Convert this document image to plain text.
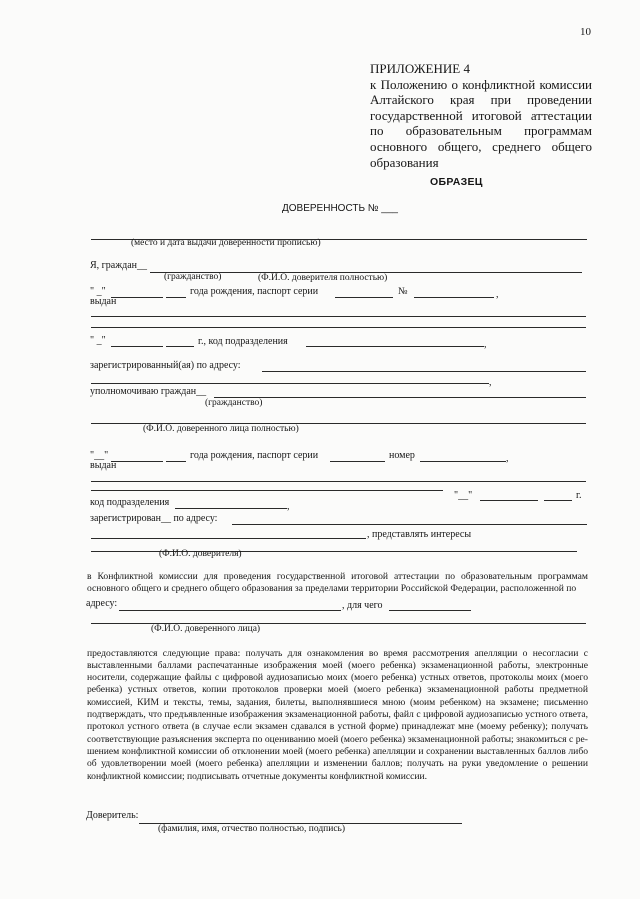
10
ПРИЛОЖЕНИЕ 4
к Положению о конфликтной комиссии Алтайского края при проведении государственной итоговой аттестации по образовательным программам основного общего, среднего общего образования
ОБРАЗЕЦ
ДОВЕРЕННОСТЬ № ___
(место и дата выдачи доверенности прописью)
Я, граждан__
(гражданство)	(Ф.И.О. доверителя полностью)
" _"	года рождения, паспорт серии	№	,
выдан
" _"	г., код подразделения	,
зарегистрированный(ая) по адресу:
,
уполномочиваю граждан__
(гражданство)
(Ф.И.О. доверенного лица полностью)
"__"	года рождения, паспорт серии	номер	,
выдан
"__"	г.
код подразделения	,
зарегистрирован__ по адресу:
, представлять интересы
(Ф.И.О. доверителя)

в Конфликтной комиссии для проведения государственной итоговой аттестации по образовательным программам основного общего и среднего общего образования за пределами территории Российской Федерации, расположенной по

адресу:	, для чего
(Ф.И.О. доверенного лица)

предоставляются следующие права: получать для ознакомления во время рассмотрения апелляции о несогласии с выставленными баллами распечатанные изображения моей (моего ребенка) экзаменационной работы, электронные носители, содержащие файлы с цифровой аудиозаписью моих (моего ребенка) устных ответов, протоколы моих (моего ребенка) устных ответов, копии протоколов проверки моей (моего ребенка) экзаменационной работы предметной комиссией, КИМ и тексты, темы, задания, билеты, выполнявшиеся мною (моим ребенком) на экзамене; письменно подтверждать, что предъявленные изображения экзаменационной работы, файл с цифровой аудиозаписью устного ответа, протокол устного ответа (в случае если экзамен сдавался в устной форме) принадлежат мне (моему ребенку); получать соответствующие разъяснения эксперта по оцениванию моей (моего ребенка) экзаменационной работы; знакомиться с решением конфликтной комиссии об отклонении моей (моего ребенка) апелляции и сохранении выставленных баллов либо об удовлетворении моей (моего ребенка) апелляции и изменении баллов; получать на руки уведомление о решении конфликтной комиссии; подписывать отчетные документы конфликтной комиссии.

Доверитель:
(фамилия, имя, отчество полностью, подпись)
